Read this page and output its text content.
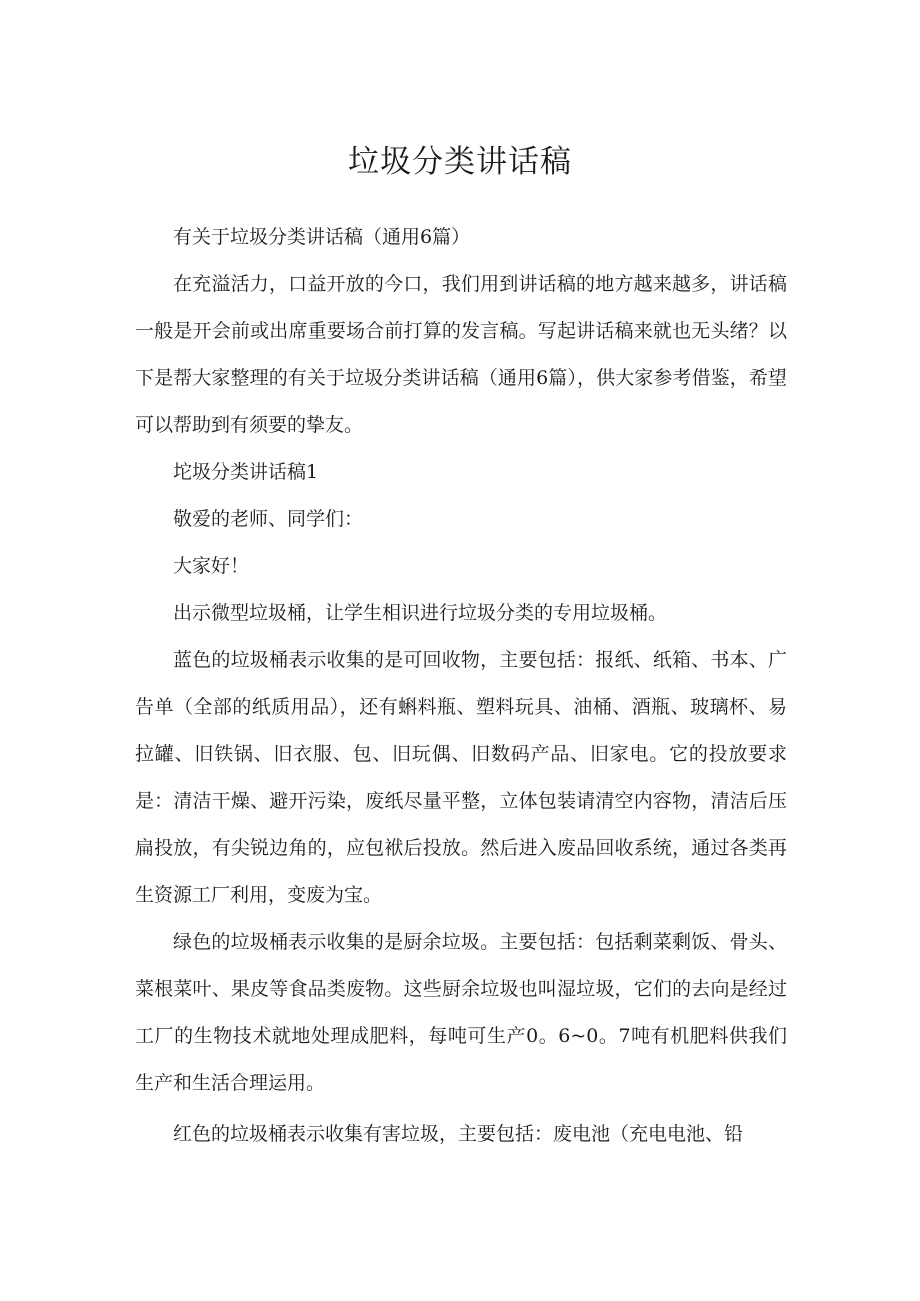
垃圾分类讲话稿

有关于垃圾分类讲话稿（通用6篇）

在充溢活力，口益开放的今口，我们用到讲话稿的地方越来越多，讲话稿一般是开会前或出席重要场合前打算的发言稿。写起讲话稿来就也无头绪？以下是帮大家整理的有关于垃圾分类讲话稿（通用6篇），供大家参考借鉴，希望可以帮助到有须要的挚友。

坨圾分类讲话稿1

敬爱的老师、同学们：

大家好！

出示微型垃圾桶，让学生相识进行垃圾分类的专用垃圾桶。

蓝色的垃圾桶表示收集的是可回收物，主要包括：报纸、纸箱、书本、广告单（全部的纸质用品），还有蝌料瓶、塑料玩具、油桶、酒瓶、玻璃杯、易拉罐、旧铁锅、旧衣服、包、旧玩偶、旧数码产品、旧家电。它的投放要求是：清洁干燥、避开污染，废纸尽量平整，立体包装请清空内容物，清洁后压扁投放，有尖锐边角的，应包袱后投放。然后进入废品回收系统，通过各类再生资源工厂利用，变废为宝。

绿色的垃圾桶表示收集的是厨余垃圾。主要包括：包括剩菜剩饭、骨头、菜根菜叶、果皮等食品类废物。这些厨余垃圾也叫湿垃圾，它们的去向是经过工厂的生物技术就地处理成肥料，每吨可生产0。6~0。7吨有机肥料供我们生产和生活合理运用。

红色的垃圾桶表示收集有害垃圾，主要包括：废电池（充电电池、铅
